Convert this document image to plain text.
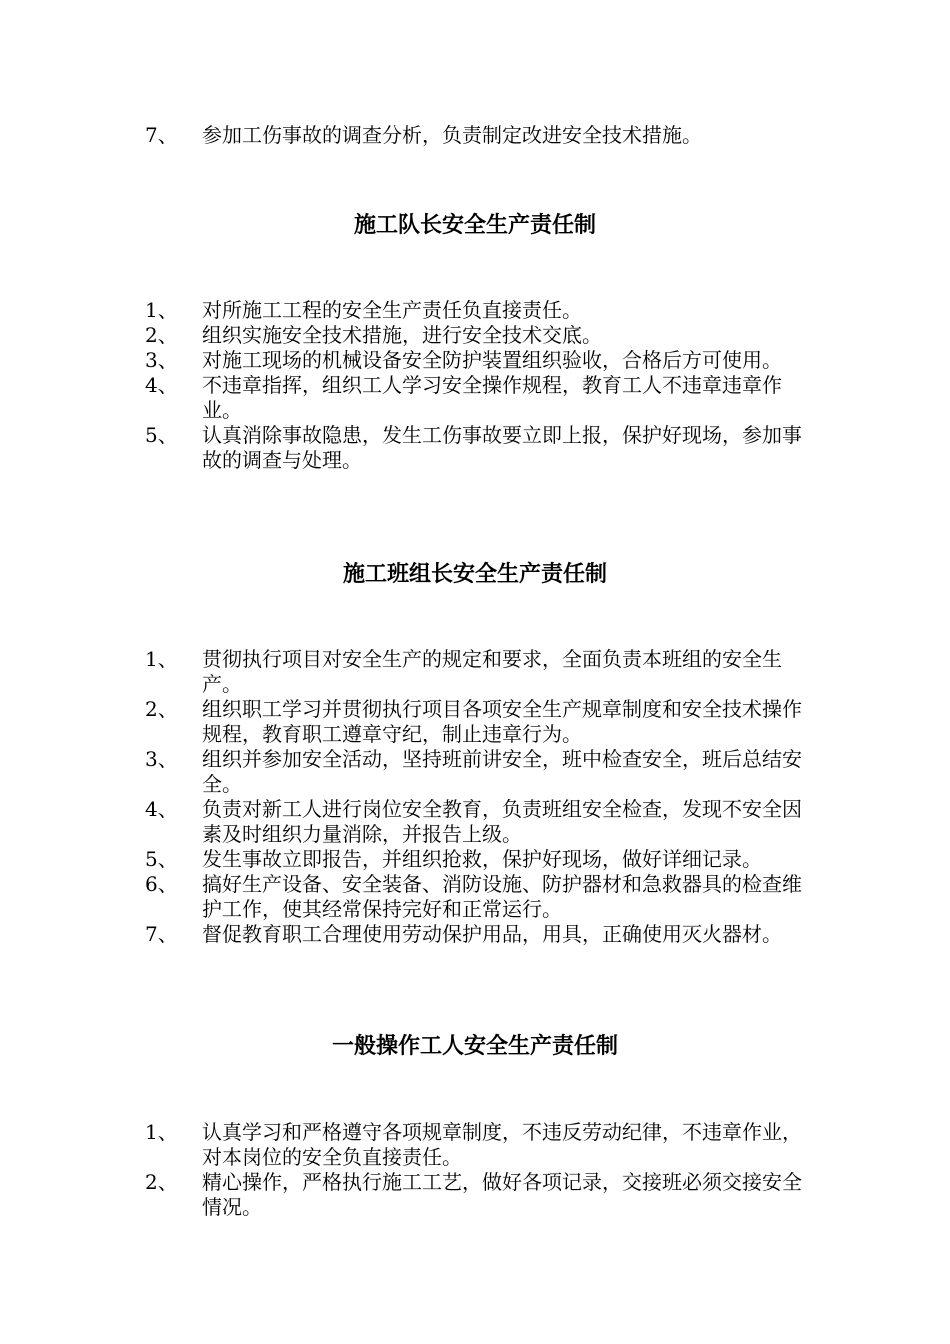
7、	参加工伤事故的调查分析，负责制定改进安全技术措施。

施工队长安全生产责任制

1、	对所施工工程的安全生产责任负直接责任。

2、	组织实施安全技术措施，进行安全技术交底。

3、	对施工现场的机械设备安全防护装置组织验收，合格后方可使用。

4、	不违章指挥，组织工人学习安全操作规程，教育工人不违章违章作业。

5、	认真消除事故隐患，发生工伤事故要立即上报，保护好现场，参加事故的调查与处理。

施工班组长安全生产责任制

1、	贯彻执行项目对安全生产的规定和要求，全面负责本班组的安全生产。

2、	组织职工学习并贯彻执行项目各项安全生产规章制度和安全技术操作规程，教育职工遵章守纪，制止违章行为。

3、	组织并参加安全活动，坚持班前讲安全，班中检查安全，班后总结安全。

4、	负责对新工人进行岗位安全教育，负责班组安全检查，发现不安全因素及时组织力量消除，并报告上级。

5、	发生事故立即报告，并组织抢救，保护好现场，做好详细记录。

6、	搞好生产设备、安全装备、消防设施、防护器材和急救器具的检查维护工作，使其经常保持完好和正常运行。

7、	督促教育职工合理使用劳动保护用品，用具，正确使用灭火器材。

一般操作工人安全生产责任制

1、	认真学习和严格遵守各项规章制度，不违反劳动纪律，不违章作业，对本岗位的安全负直接责任。

2、	精心操作，严格执行施工工艺，做好各项记录，交接班必须交接安全情况。
